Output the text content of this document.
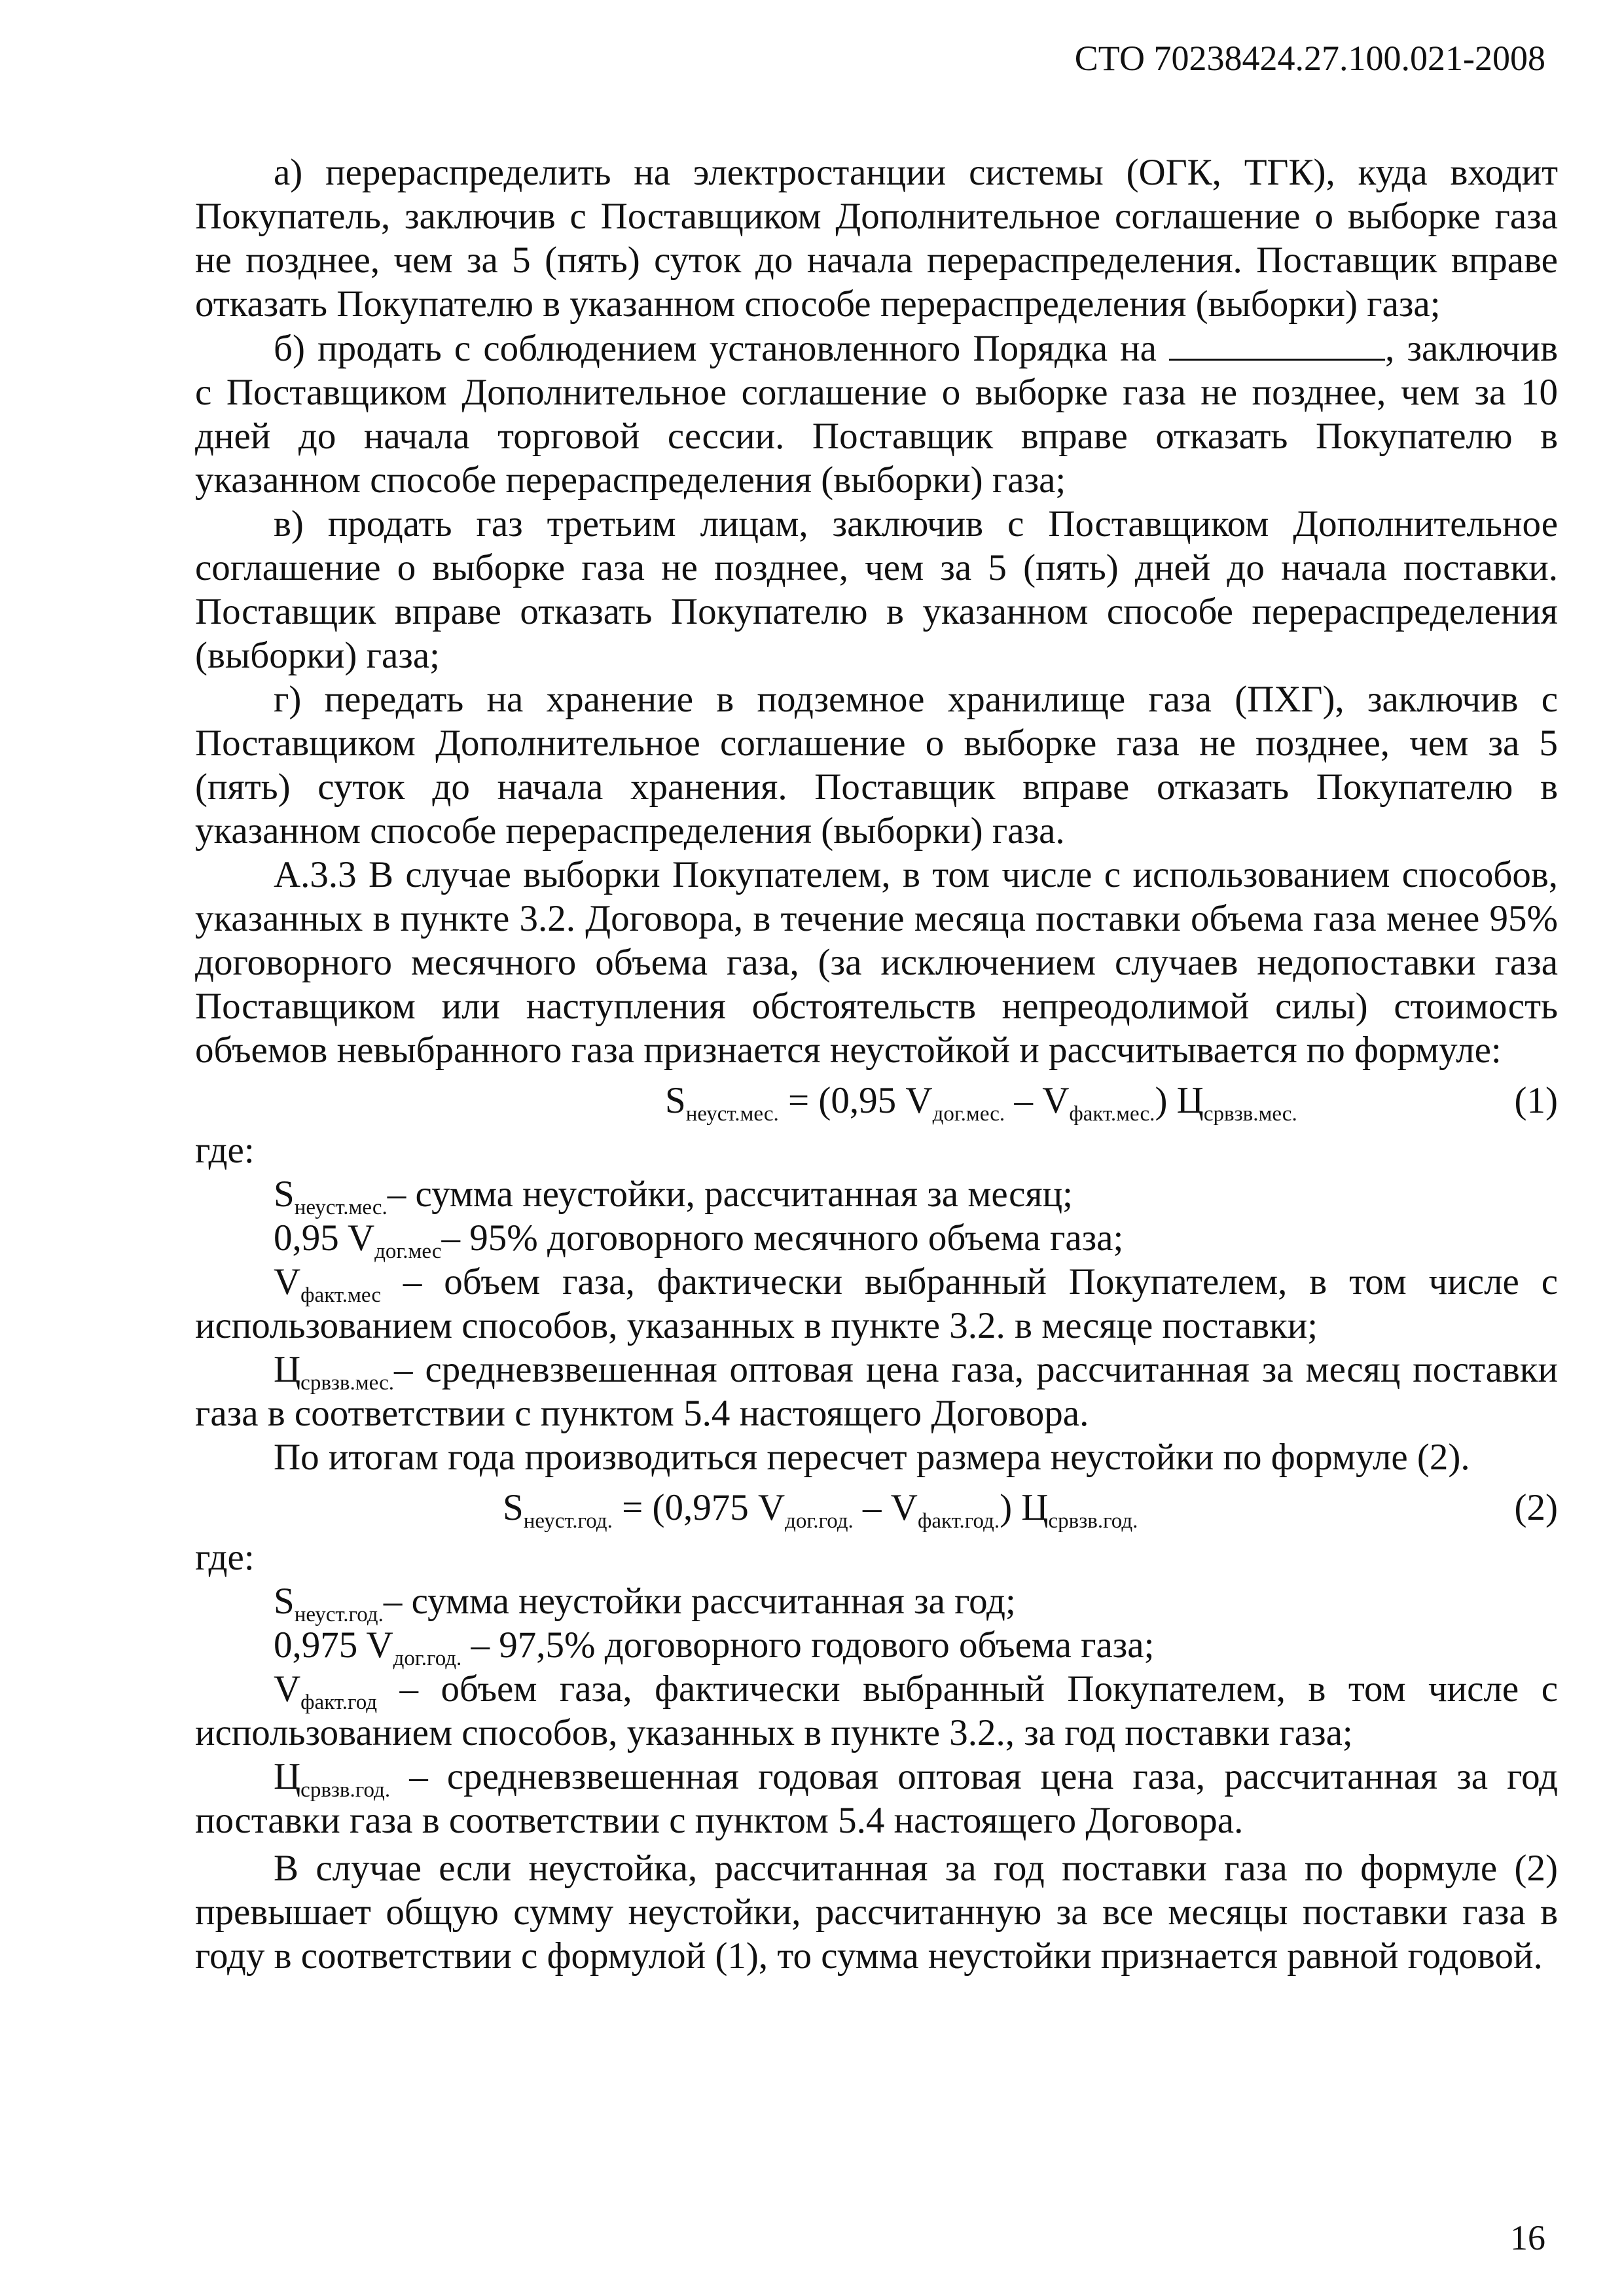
СТО 70238424.27.100.021-2008

а) перераспределить на электростанции системы (ОГК, ТГК), куда входит Покупатель, заключив с Поставщиком Дополнительное соглашение о выборке газа не позднее, чем за 5 (пять) суток до начала перераспределения. Поставщик вправе отказать Покупателю в указанном способе перераспределения (выборки) газа;

б) продать с соблюдением установленного Порядка на	, заключив с Поставщиком Дополнительное соглашение о выборке газа не позднее, чем за 10 дней до начала торговой сессии. Поставщик вправе отказать Покупателю в указанном способе перераспределения (выборки) газа;

в) продать газ третьим лицам, заключив с Поставщиком Дополнительное соглашение о выборке газа не позднее, чем за 5 (пять) дней до начала поставки. Поставщик вправе отказать Покупателю в указанном способе перераспределения (выборки) газа;

г) передать на хранение в подземное хранилище газа (ПХГ), заключив с Поставщиком Дополнительное соглашение о выборке газа не позднее, чем за 5 (пять) суток до начала хранения. Поставщик вправе отказать Покупателю в указанном способе перераспределения (выборки) газа.

А.3.3 В случае выборки Покупателем, в том числе с использованием способов, указанных в пункте 3.2. Договора, в течение месяца поставки объема газа менее 95% договорного месячного объема газа, (за исключением случаев недопоставки газа Поставщиком или наступления обстоятельств непреодолимой силы) стоимость объемов невыбранного газа признается неустойкой и рассчитывается по формуле:

$S_{неуст.мес.} = (0,95$ $V_{дог.мес.} - V_{факт.мес.}$) $Ц_{срвзв.мес.}$	(1)

где:

$S_{неуст.мес.}-$ сумма неустойки, рассчитанная за месяц;

0,95 $V_{дог.мес}-$ 95% договорного месячного объема газа;

$V_{факт.мес}$ – объем газа, фактически выбранный Покупателем, в том числе с использованием способов, указанных в пункте 3.2. в месяце поставки;

$Ц_{срвзв.мес.}-$ средневзвешенная оптовая цена газа, рассчитанная за месяц поставки газа в соответствии с пунктом 5.4 настоящего Договора.

По итогам года производиться пересчет размера неустойки по формуле (2).

$S_{неуст.год.} = (0,975$ $V_{дог.год.} - V_{факт.год.}$) $Ц_{срвзв.год.}$	(2)

где:

$S_{неуст.год.}-$ сумма неустойки рассчитанная за год;

0,975 $V_{дог.год.} - 97,5\%$ договорного годового объема газа;

$V_{факт.год}$ – объем газа, фактически выбранный Покупателем, в том числе с использованием способов, указанных в пункте 3.2., за год поставки газа;

$Ц_{срвзв.год.}$ – средневзвешенная годовая оптовая цена газа, рассчитанная за год поставки газа в соответствии с пунктом 5.4 настоящего Договора.

В случае если неустойка, рассчитанная за год поставки газа по формуле (2) превышает общую сумму неустойки, рассчитанную за все месяцы поставки газа в году в соответствии с формулой (1), то сумма неустойки признается равной годовой.

16
